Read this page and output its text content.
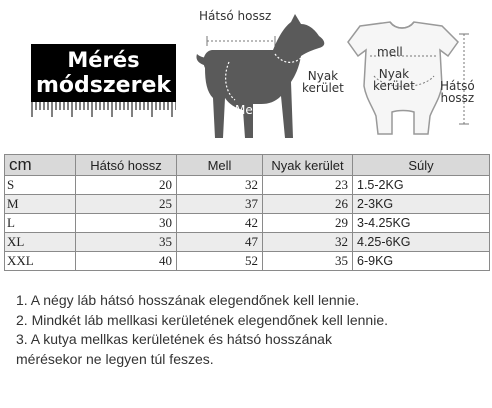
Mérés
módszerek
Hátsó hossz
Nyak
kerület
Mell
mell
Nyak
kerület Hátsó
hossz
cm	Hátsó hossz	Mell	Nyak kerület	Súly
S	20	32	23	1.5-2KG
M	25	37	26	2-3KG
L	30	42	29	3-4.25KG
XL	35	47	32	4.25-6KG
XXL	40	52	35	6-9KG
1. A négy láb hátsó hosszának elegendőnek kell lennie.
2. Mindkét láb mellkasi kerületének elegendőnek kell lennie.
3. A kutya mellkas kerületének és hátsó hosszának
mérésekor ne legyen túl feszes.
